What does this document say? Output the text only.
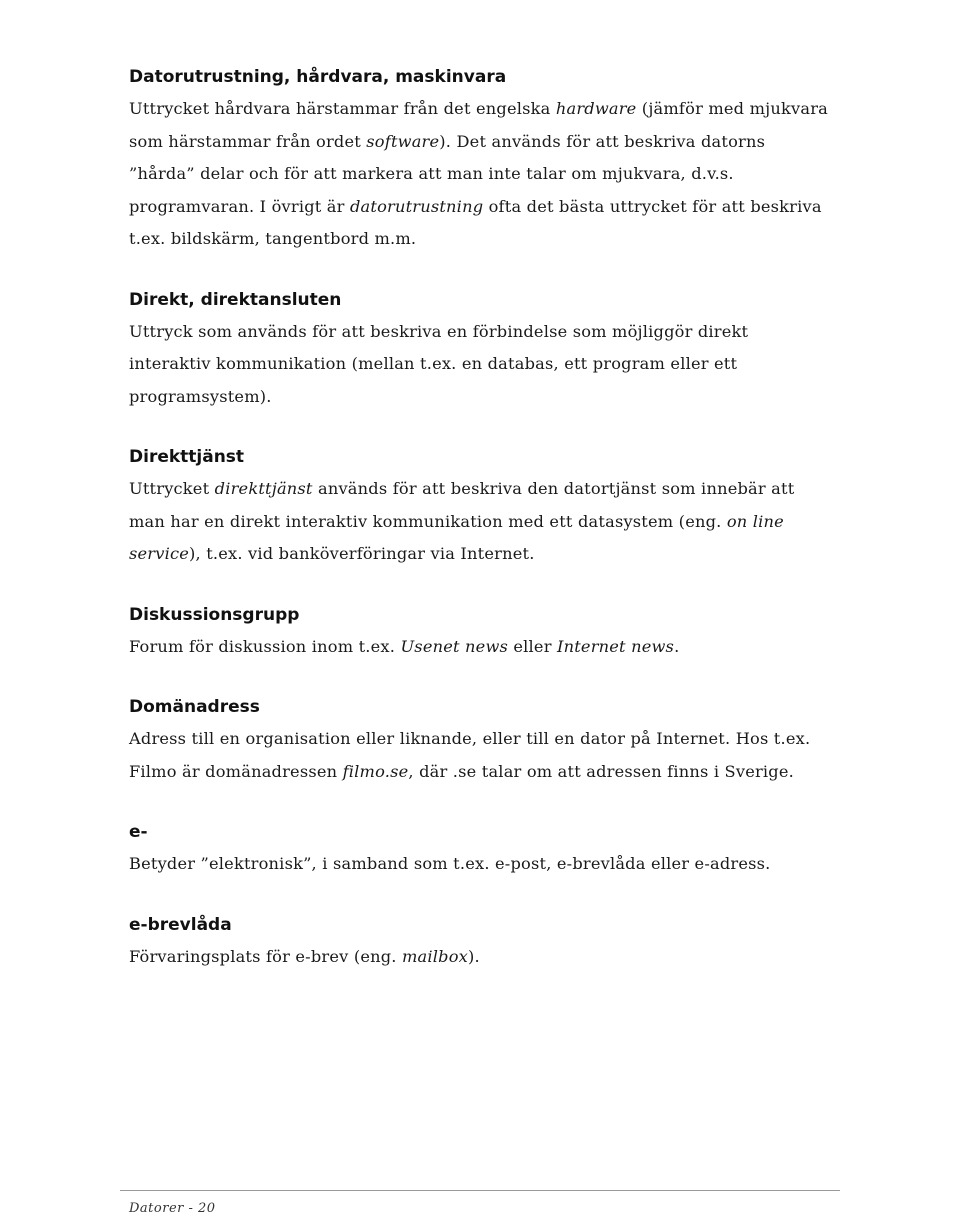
Datorutrustning, hårdvara, maskinvara

Uttrycket hårdvara härstammar från det engelska hardware (jämför med mjukvara som härstammar från ordet software). Det används för att beskriva datorns ”hårda” delar och för att markera att man inte talar om mjukvara, d.v.s. programvaran. I övrigt är datorutrustning ofta det bästa uttrycket för att beskriva t.ex. bildskärm, tangentbord m.m.

Direkt, direktansluten

Uttryck som används för att beskriva en förbindelse som möjliggör direkt interaktiv kommunikation (mellan t.ex. en databas, ett program eller ett programsystem).

Direkttjänst

Uttrycket direkttjänst används för att beskriva den datortjänst som innebär att man har en direkt interaktiv kommunikation med ett datasystem (eng. on line service), t.ex. vid banköverföringar via Internet.

Diskussionsgrupp

Forum för diskussion inom t.ex. Usenet news eller Internet news.

Domänadress

Adress till en organisation eller liknande, eller till en dator på Internet. Hos t.ex. Filmo är domänadressen filmo.se, där .se talar om att adressen finns i Sverige.

e-

Betyder ”elektronisk”, i samband som t.ex. e-post, e-brevlåda eller e-adress.

e-brevlåda

Förvaringsplats för e-brev (eng. mailbox).

Datorer - 20
